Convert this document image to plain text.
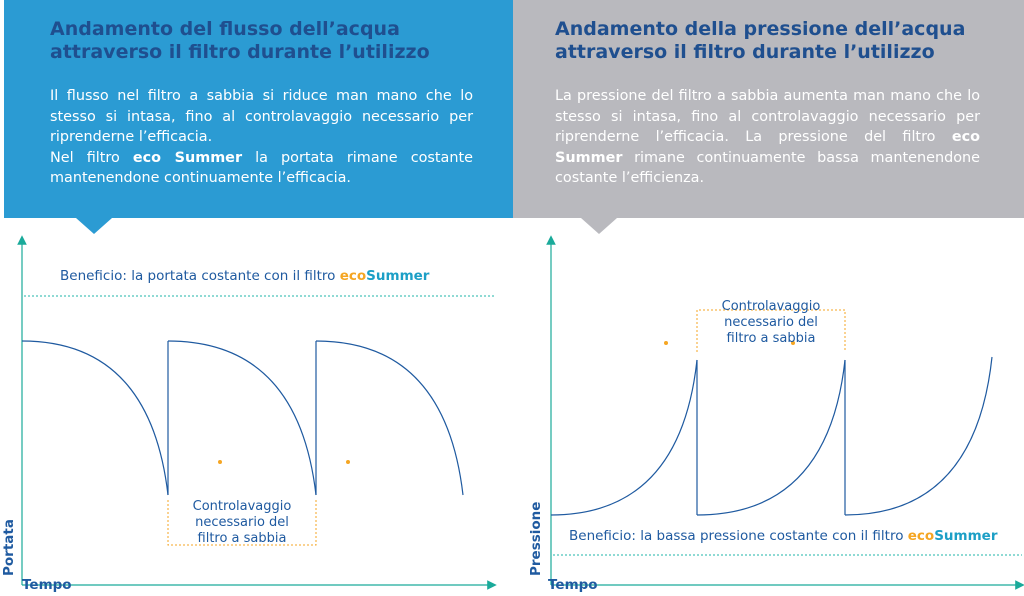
Andamento del flusso dell’acqua
attraverso il filtro durante l’utilizzo

Il flusso nel filtro a sabbia si riduce man mano che lo stesso si intasa, fino al controlavaggio necessario per riprenderne l’efficacia.

Nel filtro eco Summer la portata rimane costante mantenendone continuamente l’efficacia.

Andamento della pressione dell’acqua
attraverso il filtro durante l’utilizzo

La pressione del filtro a sabbia aumenta man mano che lo stesso si intasa, fino al controlavaggio necessario per riprenderne l’efficacia. La pressione del filtro eco Summer rimane continuamente bassa mantenendone costante l’efficienza.

Beneficio: la portata costante con il filtro ecoSummer
Controlavaggio
necessario del
filtro a sabbia
Tempo
Portata	Beneficio: la bassa pressione costante con il filtro ecoSummer
Controlavaggio
necessario del
filtro a sabbia
Tempo
Pressione
